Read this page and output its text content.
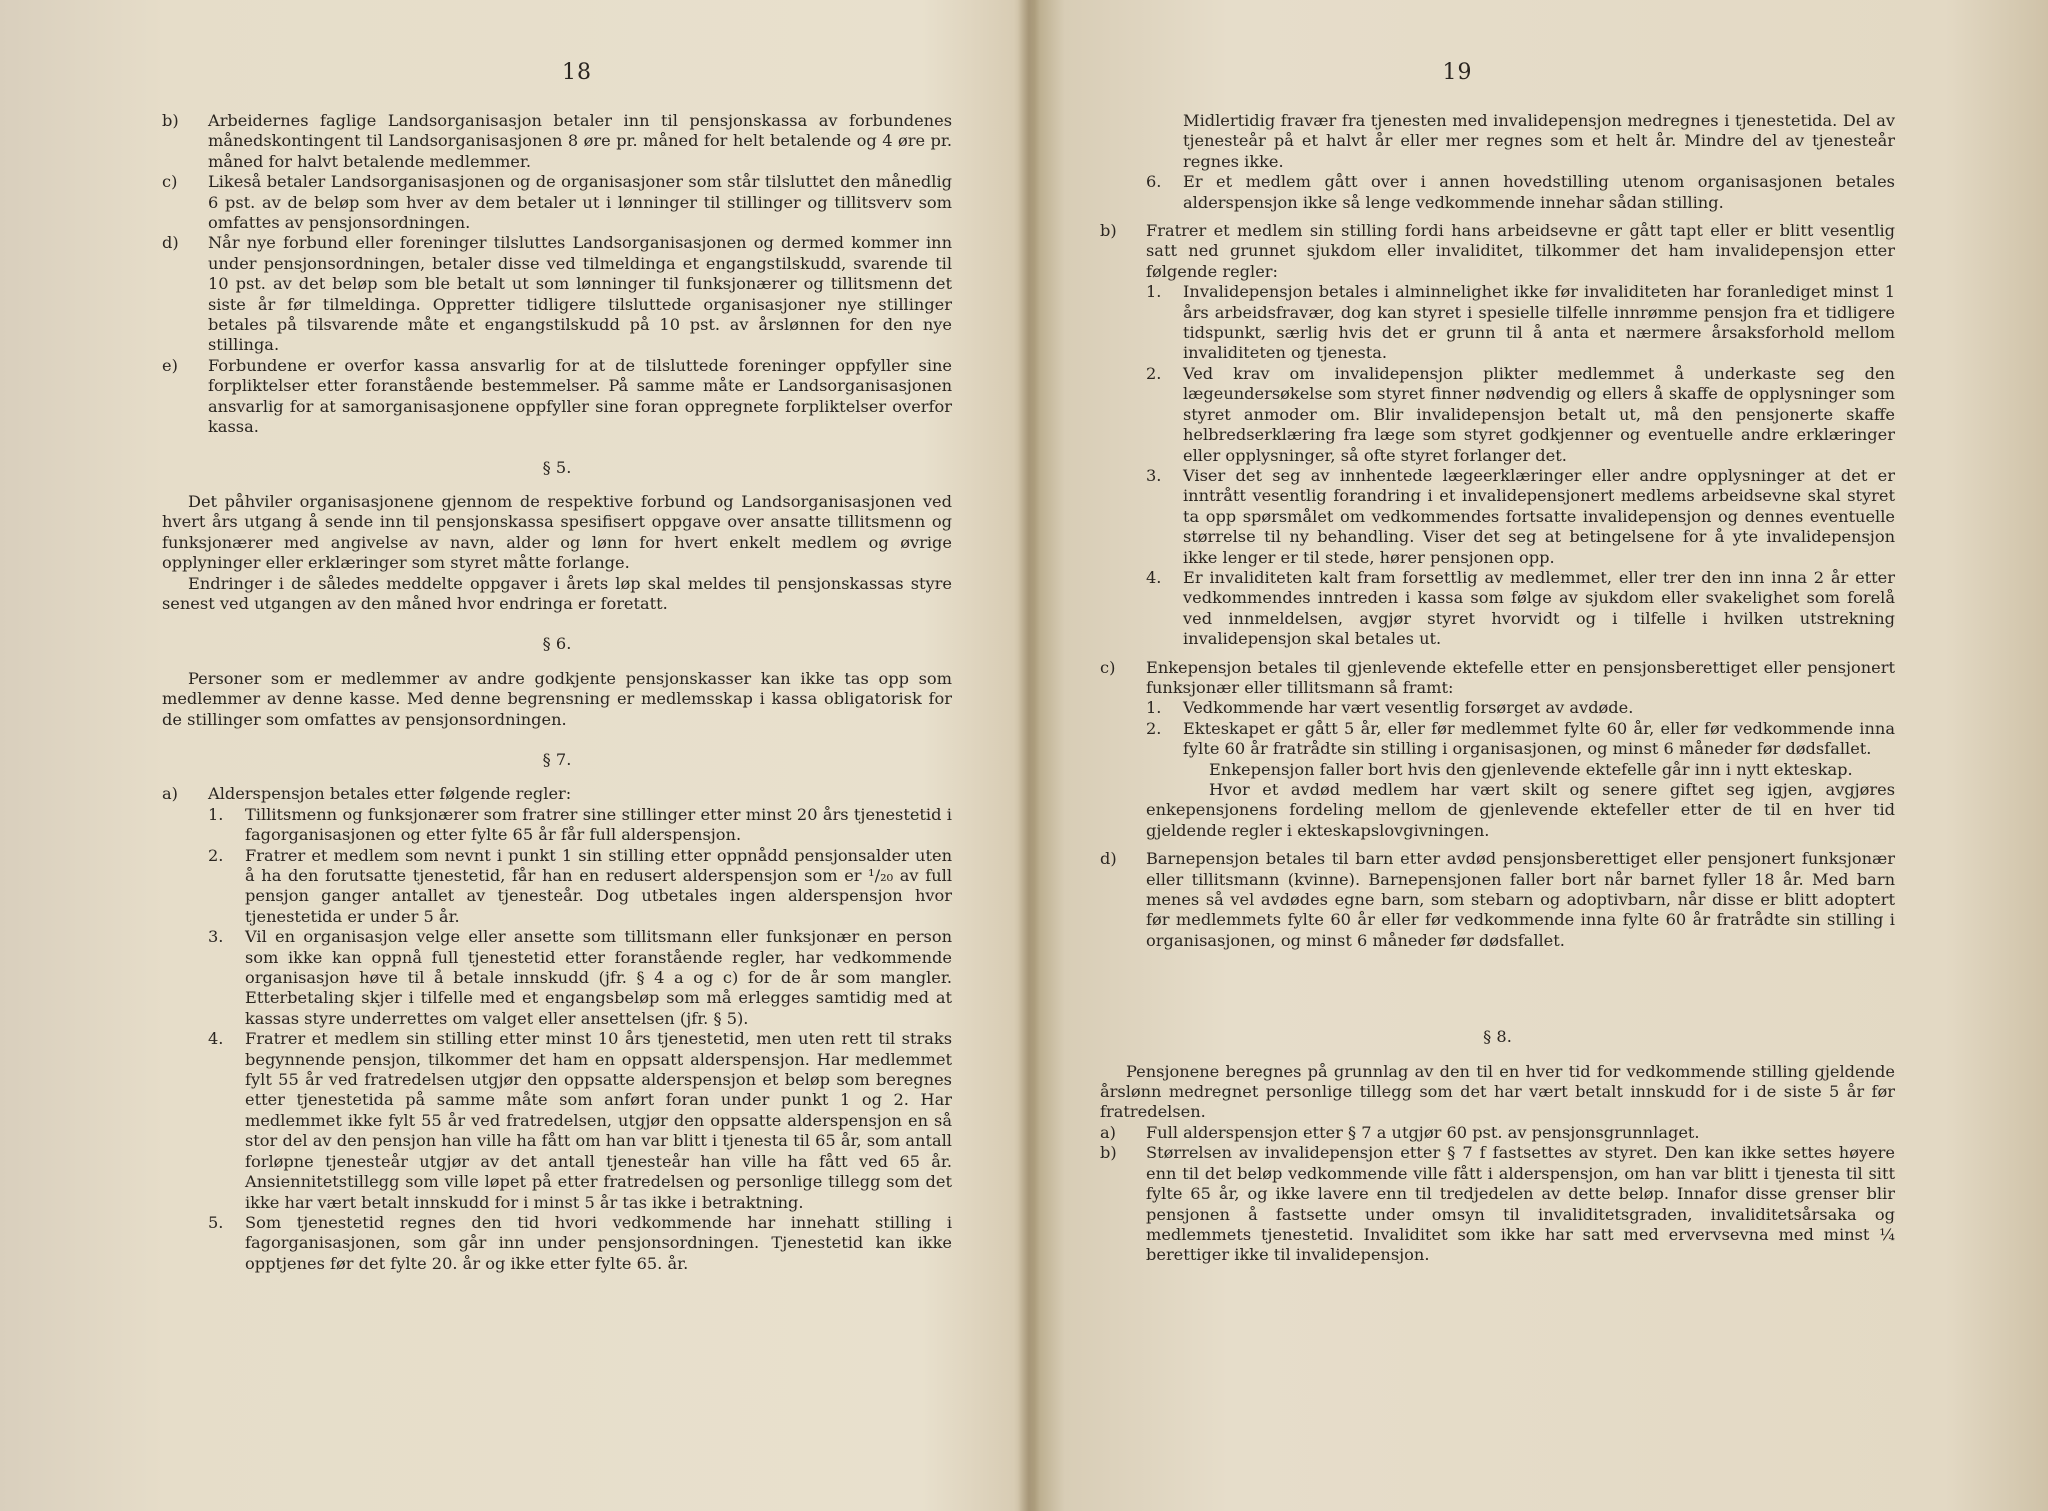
18
b)	Arbeidernes faglige Landsorganisasjon betaler inn til pensjonskassa av forbundenes månedskontingent til Landsorganisasjonen 8 øre pr. måned for helt betalende og 4 øre pr. måned for halvt betalende medlemmer.
c)	Likeså betaler Landsorganisasjonen og de organisasjoner som står tilsluttet den månedlig 6 pst. av de beløp som hver av dem betaler ut i lønninger til stillinger og tillitsverv som omfattes av pensjonsordningen.
d)	Når nye forbund eller foreninger tilsluttes Landsorganisasjonen og dermed kommer inn under pensjonsordningen, betaler disse ved tilmeldinga et engangstilskudd, svarende til 10 pst. av det beløp som ble betalt ut som lønninger til funksjonærer og tillitsmenn det siste år før tilmeldinga. Oppretter tidligere tilsluttede organisasjoner nye stillinger betales på tilsvarende måte et engangstilskudd på 10 pst. av årslønnen for den nye stillinga.
e)	Forbundene er overfor kassa ansvarlig for at de tilsluttede foreninger oppfyller sine forpliktelser etter foranstående bestemmelser. På samme måte er Landsorganisasjonen ansvarlig for at samorganisasjonene oppfyller sine foran oppregnete forpliktelser overfor kassa.
§ 5.

Det påhviler organisasjonene gjennom de respektive forbund og Landsorganisasjonen ved hvert års utgang å sende inn til pensjonskassa spesifisert oppgave over ansatte tillitsmenn og funksjonærer med angivelse av navn, alder og lønn for hvert enkelt medlem og øvrige opplyninger eller erklæringer som styret måtte forlange.

Endringer i de således meddelte oppgaver i årets løp skal meldes til pensjonskassas styre senest ved utgangen av den måned hvor endringa er foretatt.

§ 6.

Personer som er medlemmer av andre godkjente pensjonskasser kan ikke tas opp som medlemmer av denne kasse. Med denne begrensning er medlemsskap i kassa obligatorisk for de stillinger som omfattes av pensjonsordningen.

§ 7.
a)	Alderspensjon betales etter følgende regler:
1.	Tillitsmenn og funksjonærer som fratrer sine stillinger etter minst 20 års tjenestetid i fagorganisasjonen og etter fylte 65 år får full alderspensjon.
2.	Fratrer et medlem som nevnt i punkt 1 sin stilling etter oppnådd pensjonsalder uten å ha den forutsatte tjenestetid, får han en redusert alderspensjon som er ¹/₂₀ av full pensjon ganger antallet av tjenesteår. Dog utbetales ingen alderspensjon hvor tjenestetida er under 5 år.
3.	Vil en organisasjon velge eller ansette som tillitsmann eller funksjonær en person som ikke kan oppnå full tjenestetid etter foranstående regler, har vedkommende organisasjon høve til å betale innskudd (jfr. § 4 a og c) for de år som mangler. Etterbetaling skjer i tilfelle med et engangsbeløp som må erlegges samtidig med at kassas styre underrettes om valget eller ansettelsen (jfr. § 5).
4.	Fratrer et medlem sin stilling etter minst 10 års tjenestetid, men uten rett til straks begynnende pensjon, tilkommer det ham en oppsatt alderspensjon. Har medlemmet fylt 55 år ved fratredelsen utgjør den oppsatte alderspensjon et beløp som beregnes etter tjenestetida på samme måte som anført foran under punkt 1 og 2. Har medlemmet ikke fylt 55 år ved fratredelsen, utgjør den oppsatte alderspensjon en så stor del av den pensjon han ville ha fått om han var blitt i tjenesta til 65 år, som antall forløpne tjenesteår utgjør av det antall tjenesteår han ville ha fått ved 65 år. Ansiennitetstillegg som ville løpet på etter fratredelsen og personlige tillegg som det ikke har vært betalt innskudd for i minst 5 år tas ikke i betraktning.
5.	Som tjenestetid regnes den tid hvori vedkommende har innehatt stilling i fagorganisasjonen, som går inn under pensjonsordningen. Tjenestetid kan ikke opptjenes før det fylte 20. år og ikke etter fylte 65. år.
19

Midlertidig fravær fra tjenesten med invalidepensjon medregnes i tjenestetida. Del av tjenesteår på et halvt år eller mer regnes som et helt år. Mindre del av tjenesteår regnes ikke.

6.	Er et medlem gått over i annen hovedstilling utenom organisasjonen betales alderspensjon ikke så lenge vedkommende innehar sådan stilling.
b)	Fratrer et medlem sin stilling fordi hans arbeidsevne er gått tapt eller er blitt vesentlig satt ned grunnet sjukdom eller invaliditet, tilkommer det ham invalidepensjon etter følgende regler:
1.	Invalidepensjon betales i alminnelighet ikke før invaliditeten har foranlediget minst 1 års arbeidsfravær, dog kan styret i spesielle tilfelle innrømme pensjon fra et tidligere tidspunkt, særlig hvis det er grunn til å anta et nærmere årsaksforhold mellom invaliditeten og tjenesta.
2.	Ved krav om invalidepensjon plikter medlemmet å underkaste seg den lægeundersøkelse som styret finner nødvendig og ellers å skaffe de opplysninger som styret anmoder om. Blir invalidepensjon betalt ut, må den pensjonerte skaffe helbredserklæring fra læge som styret godkjenner og eventuelle andre erklæringer eller opplysninger, så ofte styret forlanger det.
3.	Viser det seg av innhentede lægeerklæringer eller andre opplysninger at det er inntrått vesentlig forandring i et invalidepensjonert medlems arbeidsevne skal styret ta opp spørsmålet om vedkommendes fortsatte invalidepensjon og dennes eventuelle størrelse til ny behandling. Viser det seg at betingelsene for å yte invalidepensjon ikke lenger er til stede, hører pensjonen opp.
4.	Er invaliditeten kalt fram forsettlig av medlemmet, eller trer den inn inna 2 år etter vedkommendes inntreden i kassa som følge av sjukdom eller svakelighet som forelå ved innmeldelsen, avgjør styret hvorvidt og i tilfelle i hvilken utstrekning invalidepensjon skal betales ut.
c)	Enkepensjon betales til gjenlevende ektefelle etter en pensjonsberettiget eller pensjonert funksjonær eller tillitsmann så framt:
1.	Vedkommende har vært vesentlig forsørget av avdøde.
2.	Ekteskapet er gått 5 år, eller før medlemmet fylte 60 år, eller før vedkommende inna fylte 60 år fratrådte sin stilling i organisasjonen, og minst 6 måneder før dødsfallet.

Enkepensjon faller bort hvis den gjenlevende ektefelle går inn i nytt ekteskap.

Hvor et avdød medlem har vært skilt og senere giftet seg igjen, avgjøres enkepensjonens fordeling mellom de gjenlevende ektefeller etter de til en hver tid gjeldende regler i ekteskapslovgivningen.

d)	Barnepensjon betales til barn etter avdød pensjonsberettiget eller pensjonert funksjonær eller tillitsmann (kvinne). Barnepensjonen faller bort når barnet fyller 18 år. Med barn menes så vel avdødes egne barn, som stebarn og adoptivbarn, når disse er blitt adoptert før medlemmets fylte 60 år eller før vedkommende inna fylte 60 år fratrådte sin stilling i organisasjonen, og minst 6 måneder før dødsfallet.
§ 8.

Pensjonene beregnes på grunnlag av den til en hver tid for vedkommende stilling gjeldende årslønn medregnet personlige tillegg som det har vært betalt innskudd for i de siste 5 år før fratredelsen.

a)	Full alderspensjon etter § 7 a utgjør 60 pst. av pensjonsgrunnlaget.
b)	Størrelsen av invalidepensjon etter § 7 f fastsettes av styret. Den kan ikke settes høyere enn til det beløp vedkommende ville fått i alderspensjon, om han var blitt i tjenesta til sitt fylte 65 år, og ikke lavere enn til tredjedelen av dette beløp. Innafor disse grenser blir pensjonen å fastsette under omsyn til invaliditetsgraden, invaliditetsårsaka og medlemmets tjenestetid. Invaliditet som ikke har satt med ervervsevna med minst ¼ berettiger ikke til invalidepensjon.
